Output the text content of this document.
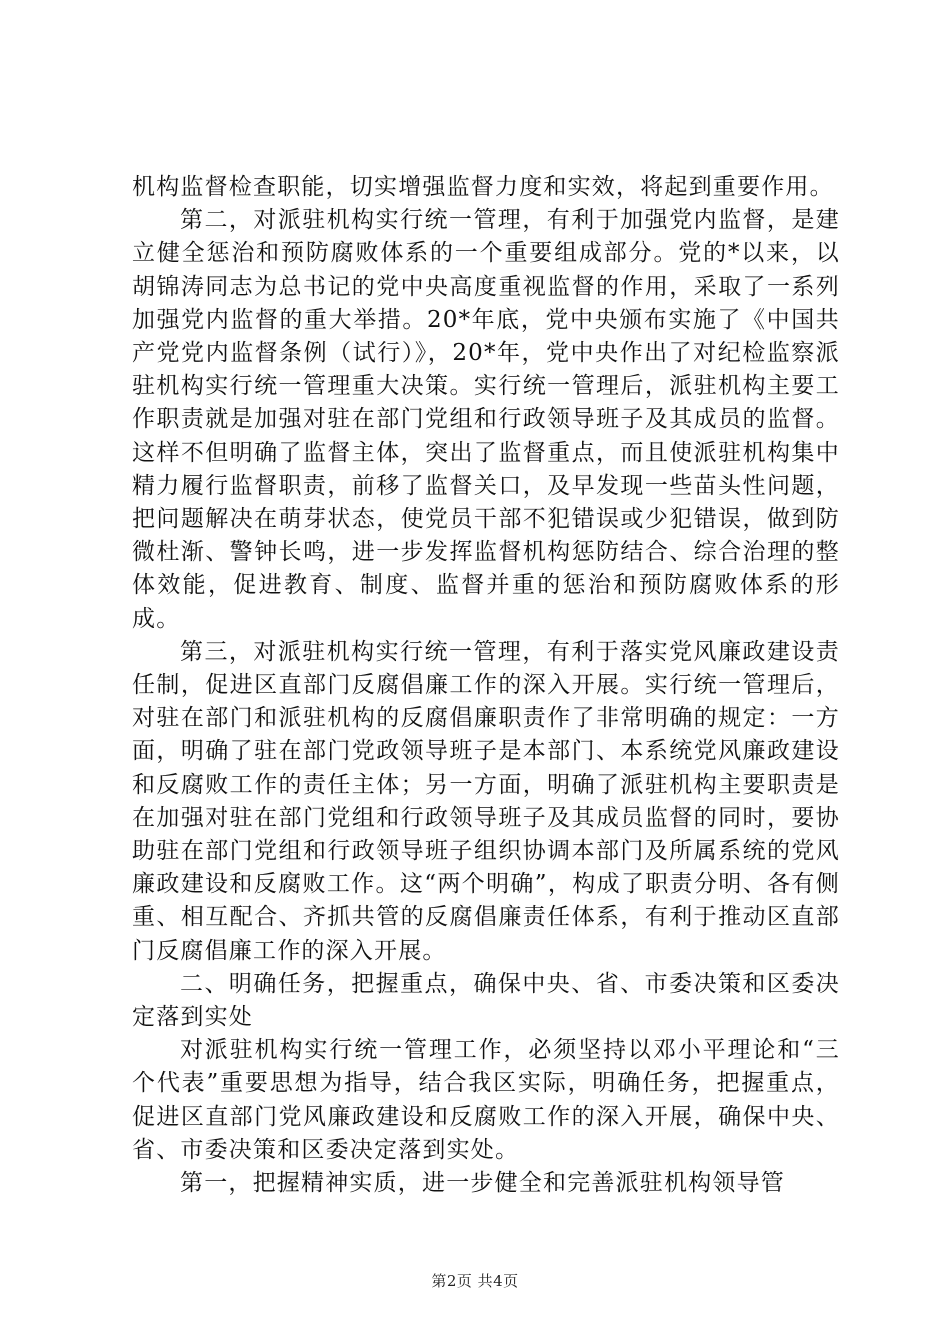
机构监督检查职能，切实增强监督力度和实效，将起到重要作用。

第二，对派驻机构实行统一管理，有利于加强党内监督，是建立健全惩治和预防腐败体系的一个重要组成部分。党的*以来，以胡锦涛同志为总书记的党中央高度重视监督的作用，采取了一系列加强党内监督的重大举措。20*年底，党中央颁布实施了《中国共产党党内监督条例（试行）》，20*年，党中央作出了对纪检监察派驻机构实行统一管理重大决策。实行统一管理后，派驻机构主要工作职责就是加强对驻在部门党组和行政领导班子及其成员的监督。这样不但明确了监督主体，突出了监督重点，而且使派驻机构集中精力履行监督职责，前移了监督关口，及早发现一些苗头性问题，把问题解决在萌芽状态，使党员干部不犯错误或少犯错误，做到防微杜渐、警钟长鸣，进一步发挥监督机构惩防结合、综合治理的整体效能，促进教育、制度、监督并重的惩治和预防腐败体系的形成。

第三，对派驻机构实行统一管理，有利于落实党风廉政建设责任制，促进区直部门反腐倡廉工作的深入开展。实行统一管理后，对驻在部门和派驻机构的反腐倡廉职责作了非常明确的规定：一方面，明确了驻在部门党政领导班子是本部门、本系统党风廉政建设和反腐败工作的责任主体；另一方面，明确了派驻机构主要职责是在加强对驻在部门党组和行政领导班子及其成员监督的同时，要协助驻在部门党组和行政领导班子组织协调本部门及所属系统的党风廉政建设和反腐败工作。这“两个明确”，构成了职责分明、各有侧重、相互配合、齐抓共管的反腐倡廉责任体系，有利于推动区直部门反腐倡廉工作的深入开展。

二、明确任务，把握重点，确保中央、省、市委决策和区委决定落到实处

对派驻机构实行统一管理工作，必须坚持以邓小平理论和“三个代表”重要思想为指导，结合我区实际，明确任务，把握重点，促进区直部门党风廉政建设和反腐败工作的深入开展，确保中央、省、市委决策和区委决定落到实处。

第一，把握精神实质，进一步健全和完善派驻机构领导管

第2页 共4页
